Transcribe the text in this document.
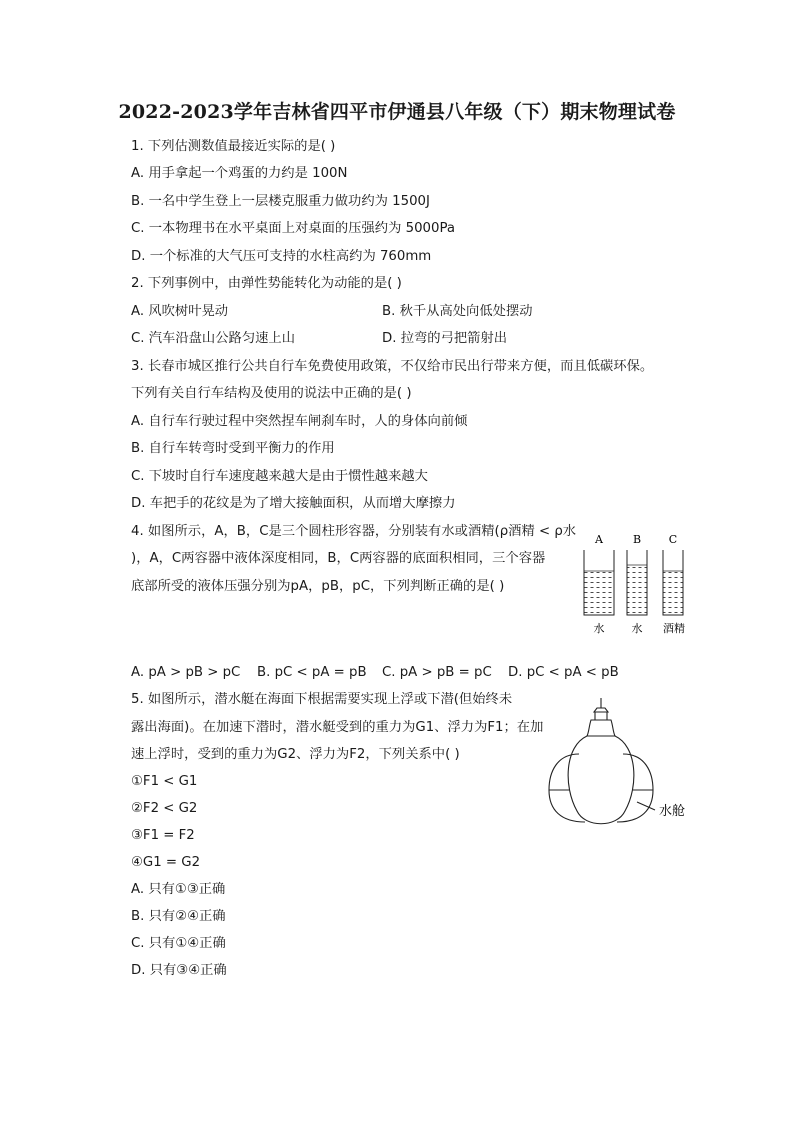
2022-2023学年吉林省四平市伊通县八年级（下）期末物理试卷
1. 下列估测数值最接近实际的是( )
A. 用手拿起一个鸡蛋的力约是 100N
B. 一名中学生登上一层楼克服重力做功约为 1500J
C. 一本物理书在水平桌面上对桌面的压强约为 5000Pa
D. 一个标准的大气压可支持的水柱高约为 760mm
2. 下列事例中，由弹性势能转化为动能的是( )
A. 风吹树叶晃动	B. 秋千从高处向低处摆动
C. 汽车沿盘山公路匀速上山	D. 拉弯的弓把箭射出
3. 长春市城区推行公共自行车免费使用政策，不仅给市民出行带来方便，而且低碳环保。
下列有关自行车结构及使用的说法中正确的是( )
A. 自行车行驶过程中突然捏车闸刹车时，人的身体向前倾
B. 自行车转弯时受到平衡力的作用
C. 下坡时自行车速度越来越大是由于惯性越来越大
D. 车把手的花纹是为了增大接触面积，从而增大摩擦力
4. 如图所示，A，B，C是三个圆柱形容器，分别装有水或酒精(ρ酒精 < ρ水
)，A，C两容器中液体深度相同，B，C两容器的底面积相同，三个容器
底部所受的液体压强分别为pA，pB，pC，下列判断正确的是( )
A	B	C
水 水 酒精
A. pA > pB > pC B. pC < pA = pB C. pA > pB = pC D. pC < pA < pB
5. 如图所示，潜水艇在海面下根据需要实现上浮或下潜(但始终未
露出海面)。在加速下潜时，潜水艇受到的重力为G1、浮力为F1；在加
速上浮时，受到的重力为G2、浮力为F2，下列关系中( )
①F1 < G1
②F2 < G2
③F1 = F2
④G1 = G2
A. 只有①③正确
B. 只有②④正确
C. 只有①④正确
D. 只有③④正确
水舱
